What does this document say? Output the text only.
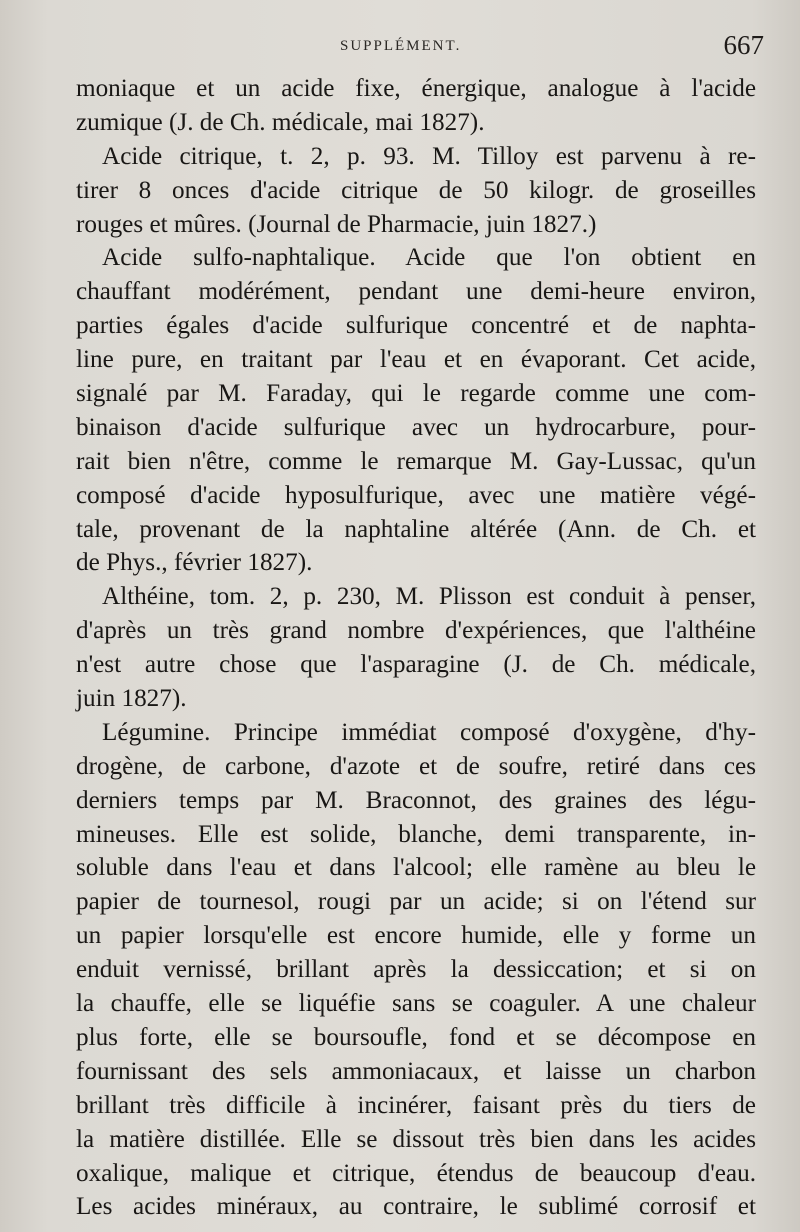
SUPPLÉMENT.	667
moniaque et un acide fixe, énergique, analogue à l'acide
zumique (J. de Ch. médicale, mai 1827).
Acide citrique, t. 2, p. 93. M. Tilloy est parvenu à re-
tirer 8 onces d'acide citrique de 50 kilogr. de groseilles
rouges et mûres. (Journal de Pharmacie, juin 1827.)
Acide sulfo-naphtalique. Acide que l'on obtient en
chauffant modérément, pendant une demi-heure environ,
parties égales d'acide sulfurique concentré et de naphta-
line pure, en traitant par l'eau et en évaporant. Cet acide,
signalé par M. Faraday, qui le regarde comme une com-
binaison d'acide sulfurique avec un hydrocarbure, pour-
rait bien n'être, comme le remarque M. Gay-Lussac, qu'un
composé d'acide hyposulfurique, avec une matière végé-
tale, provenant de la naphtaline altérée (Ann. de Ch. et
de Phys., février 1827).
Althéine, tom. 2, p. 230, M. Plisson est conduit à penser,
d'après un très grand nombre d'expériences, que l'althéine
n'est autre chose que l'asparagine (J. de Ch. médicale,
juin 1827).
Légumine. Principe immédiat composé d'oxygène, d'hy-
drogène, de carbone, d'azote et de soufre, retiré dans ces
derniers temps par M. Braconnot, des graines des légu-
mineuses. Elle est solide, blanche, demi transparente, in-
soluble dans l'eau et dans l'alcool; elle ramène au bleu le
papier de tournesol, rougi par un acide; si on l'étend sur
un papier lorsqu'elle est encore humide, elle y forme un
enduit vernissé, brillant après la dessiccation; et si on
la chauffe, elle se liquéfie sans se coaguler. A une chaleur
plus forte, elle se boursoufle, fond et se décompose en
fournissant des sels ammoniacaux, et laisse un charbon
brillant très difficile à incinérer, faisant près du tiers de
la matière distillée. Elle se dissout très bien dans les acides
oxalique, malique et citrique, étendus de beaucoup d'eau.
Les acides minéraux, au contraire, le sublimé corrosif et
